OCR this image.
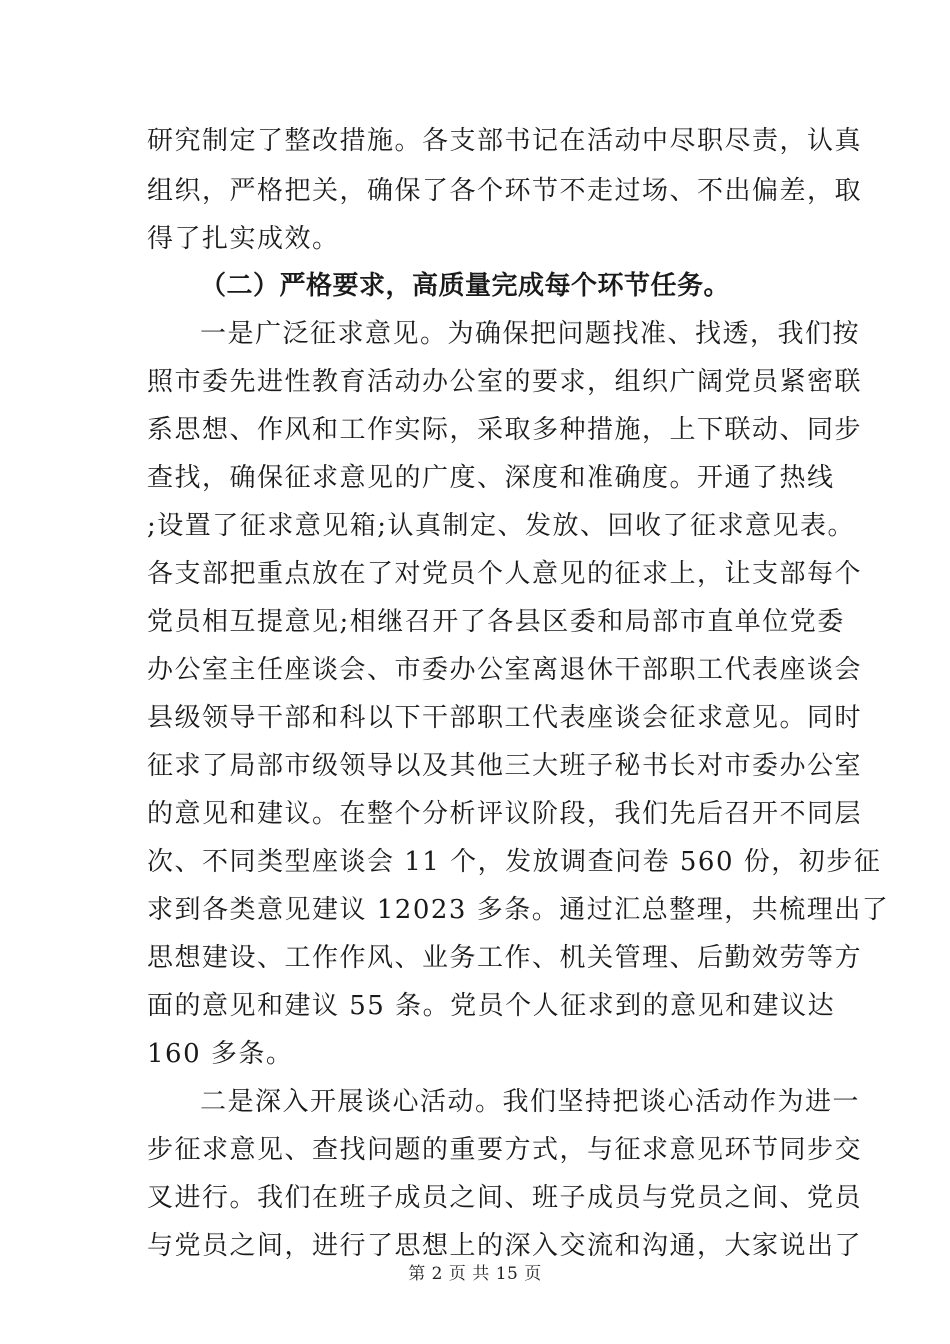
研究制定了整改措施。各支部书记在活动中尽职尽责，认真
组织，严格把关，确保了各个环节不走过场、不出偏差，取
得了扎实成效。
（二）严格要求，高质量完成每个环节任务。
一是广泛征求意见。为确保把问题找准、找透，我们按
照市委先进性教育活动办公室的要求，组织广阔党员紧密联
系思想、作风和工作实际，采取多种措施，上下联动、同步
查找，确保征求意见的广度、深度和准确度。开通了热线
;设置了征求意见箱;认真制定、发放、回收了征求意见表。
各支部把重点放在了对党员个人意见的征求上，让支部每个
党员相互提意见;相继召开了各县区委和局部市直单位党委
办公室主任座谈会、市委办公室离退休干部职工代表座谈会
县级领导干部和科以下干部职工代表座谈会征求意见。同时
征求了局部市级领导以及其他三大班子秘书长对市委办公室
的意见和建议。在整个分析评议阶段，我们先后召开不同层
次、不同类型座谈会 11 个，发放调查问卷 560 份，初步征
求到各类意见建议 12023 多条。通过汇总整理，共梳理出了
思想建设、工作作风、业务工作、机关管理、后勤效劳等方
面的意见和建议 55 条。党员个人征求到的意见和建议达
160 多条。
二是深入开展谈心活动。我们坚持把谈心活动作为进一
步征求意见、查找问题的重要方式，与征求意见环节同步交
叉进行。我们在班子成员之间、班子成员与党员之间、党员
与党员之间，进行了思想上的深入交流和沟通，大家说出了
第 2 页 共 15 页
